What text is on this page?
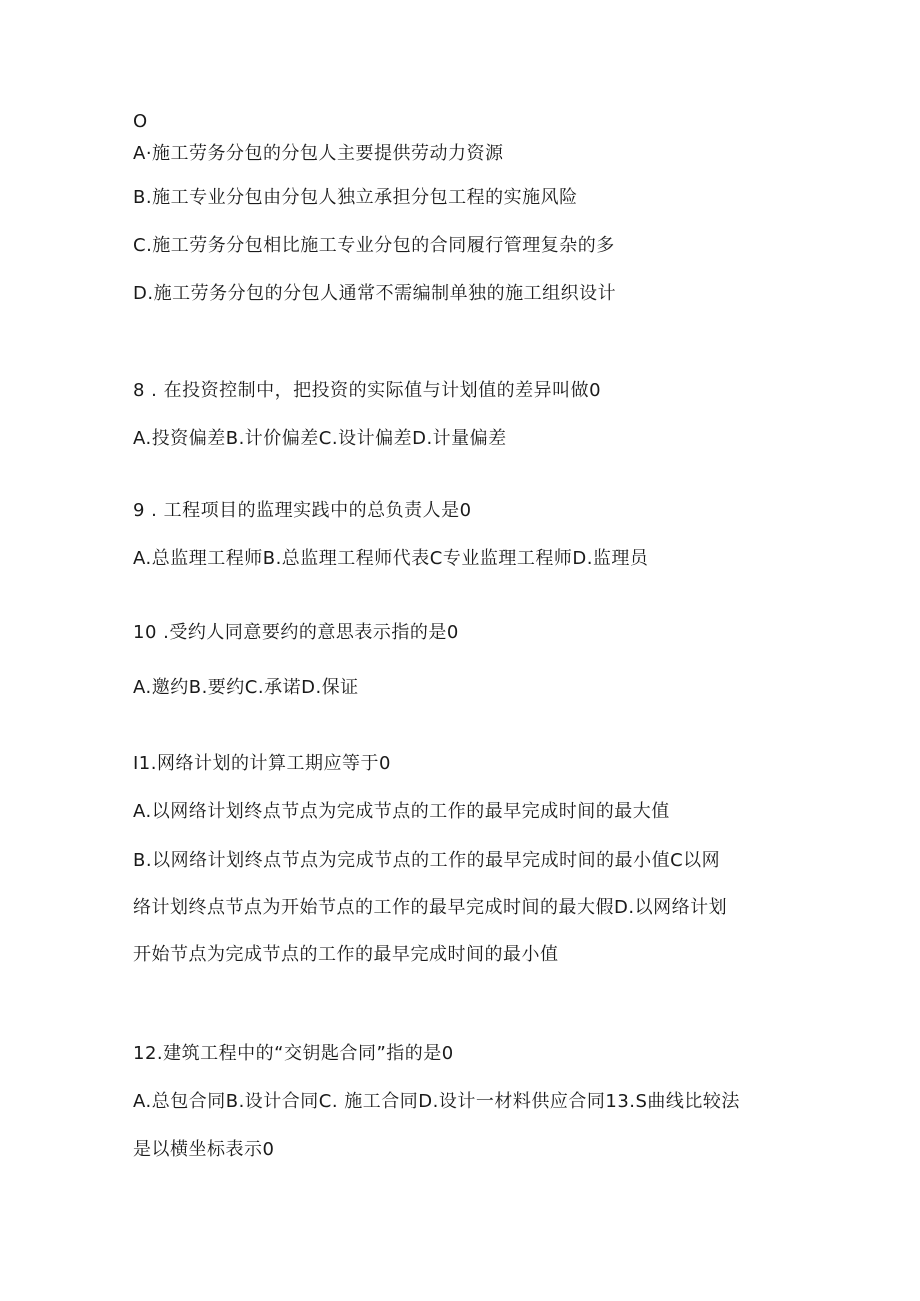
O
A·施工劳务分包的分包人主要提供劳动力资源
B.施工专业分包由分包人独立承担分包工程的实施风险
C.施工劳务分包相比施工专业分包的合同履行管理复杂的多
D.施工劳务分包的分包人通常不需编制单独的施工组织设计
8 . 在投资控制中，把投资的实际值与计划值的差异叫做0
A.投资偏差B.计价偏差C.设计偏差D.计量偏差
9 . 工程项目的监理实践中的总负责人是0
A.总监理工程师B.总监理工程师代表C专业监理工程师D.监理员
10 .受约人同意要约的意思表示指的是0
A.邀约B.要约C.承诺D.保证
I1.网络计划的计算工期应等于0
A.以网络计划终点节点为完成节点的工作的最早完成时间的最大值
B.以网络计划终点节点为完成节点的工作的最早完成时间的最小值C以网
络计划终点节点为开始节点的工作的最早完成时间的最大假D.以网络计划
开始节点为完成节点的工作的最早完成时间的最小值
12.建筑工程中的“交钥匙合同”指的是0
A.总包合同B.设计合同C. 施工合同D.设计一材料供应合同13.S曲线比较法
是以横坐标表示0
